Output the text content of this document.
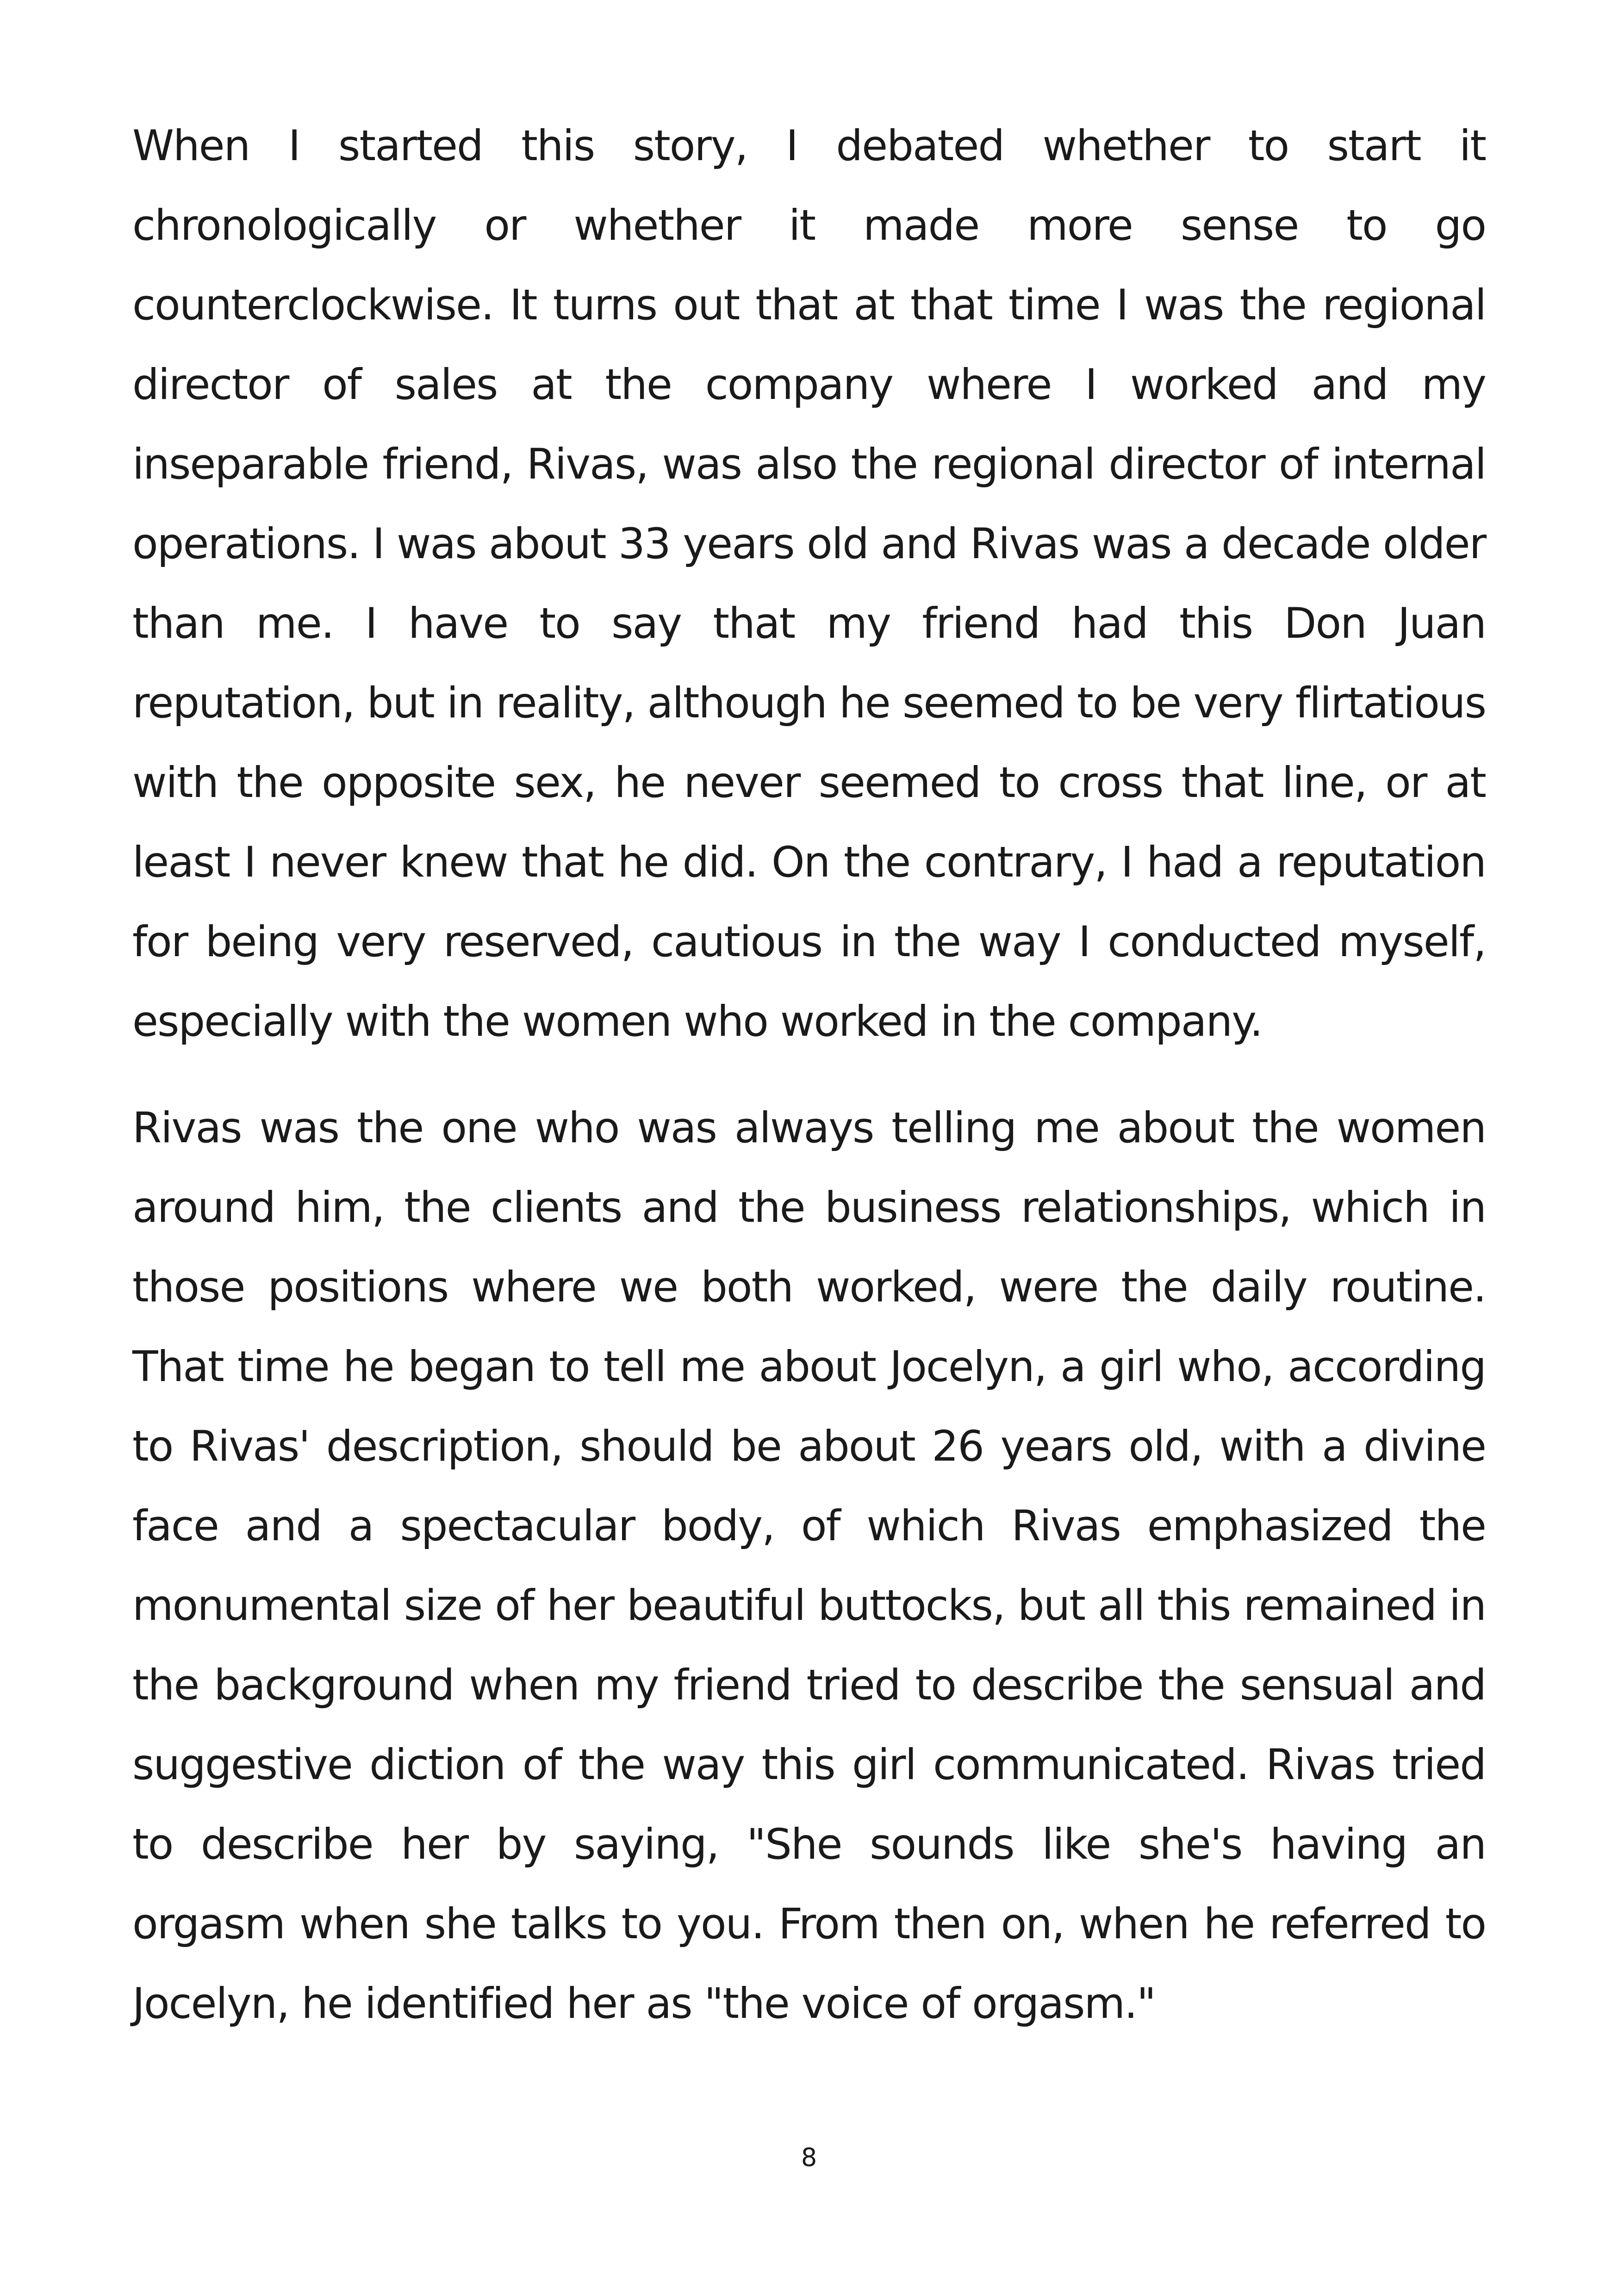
When I started this story, I debated whether to start it chronologically or whether it made more sense to go counterclockwise. It turns out that at that time I was the regional director of sales at the company where I worked and my inseparable friend, Rivas, was also the regional director of internal operations. I was about 33 years old and Rivas was a decade older than me. I have to say that my friend had this Don Juan reputation, but in reality, although he seemed to be very flirtatious with the opposite sex, he never seemed to cross that line, or at least I never knew that he did. On the contrary, I had a reputation for being very reserved, cautious in the way I conducted myself, especially with the women who worked in the company.

Rivas was the one who was always telling me about the women around him, the clients and the business relationships, which in those positions where we both worked, were the daily routine. That time he began to tell me about Jocelyn, a girl who, according to Rivas' description, should be about 26 years old, with a divine face and a spectacular body, of which Rivas emphasized the monumental size of her beautiful buttocks, but all this remained in the background when my friend tried to describe the sensual and suggestive diction of the way this girl communicated. Rivas tried to describe her by saying, "She sounds like she's having an orgasm when she talks to you. From then on, when he referred to Jocelyn, he identified her as "the voice of orgasm."

8
